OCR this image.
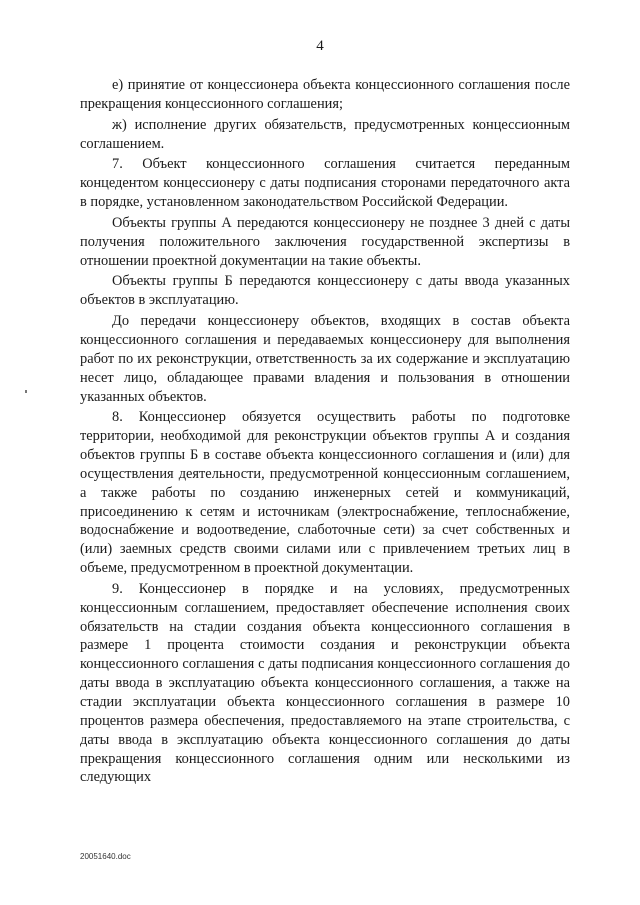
4

е) принятие от концессионера объекта концессионного соглашения после прекращения концессионного соглашения;

ж) исполнение других обязательств, предусмотренных концессионным соглашением.

7. Объект концессионного соглашения считается переданным концедентом концессионеру с даты подписания сторонами передаточного акта в порядке, установленном законодательством Российской Федерации.

Объекты группы А передаются концессионеру не позднее 3 дней с даты получения положительного заключения государственной экспертизы в отношении проектной документации на такие объекты.

Объекты группы Б передаются концессионеру с даты ввода указанных объектов в эксплуатацию.

До передачи концессионеру объектов, входящих в состав объекта концессионного соглашения и передаваемых концессионеру для выполнения работ по их реконструкции, ответственность за их содержание и эксплуатацию несет лицо, обладающее правами владения и пользования в отношении указанных объектов.

8. Концессионер обязуется осуществить работы по подготовке территории, необходимой для реконструкции объектов группы А и создания объектов группы Б в составе объекта концессионного соглашения и (или) для осуществления деятельности, предусмотренной концессионным соглашением, а также работы по созданию инженерных сетей и коммуникаций, присоединению к сетям и источникам (электроснабжение, теплоснабжение, водоснабжение и водоотведение, слаботочные сети) за счет собственных и (или) заемных средств своими силами или с привлечением третьих лиц в объеме, предусмотренном в проектной документации.

9. Концессионер в порядке и на условиях, предусмотренных концессионным соглашением, предоставляет обеспечение исполнения своих обязательств на стадии создания объекта концессионного соглашения в размере 1 процента стоимости создания и реконструкции объекта концессионного соглашения с даты подписания концессионного соглашения до даты ввода в эксплуатацию объекта концессионного соглашения, а также на стадии эксплуатации объекта концессионного соглашения в размере 10 процентов размера обеспечения, предоставляемого на этапе строительства, с даты ввода в эксплуатацию объекта концессионного соглашения до даты прекращения концессионного соглашения одним или несколькими из следующих

20051640.doc
